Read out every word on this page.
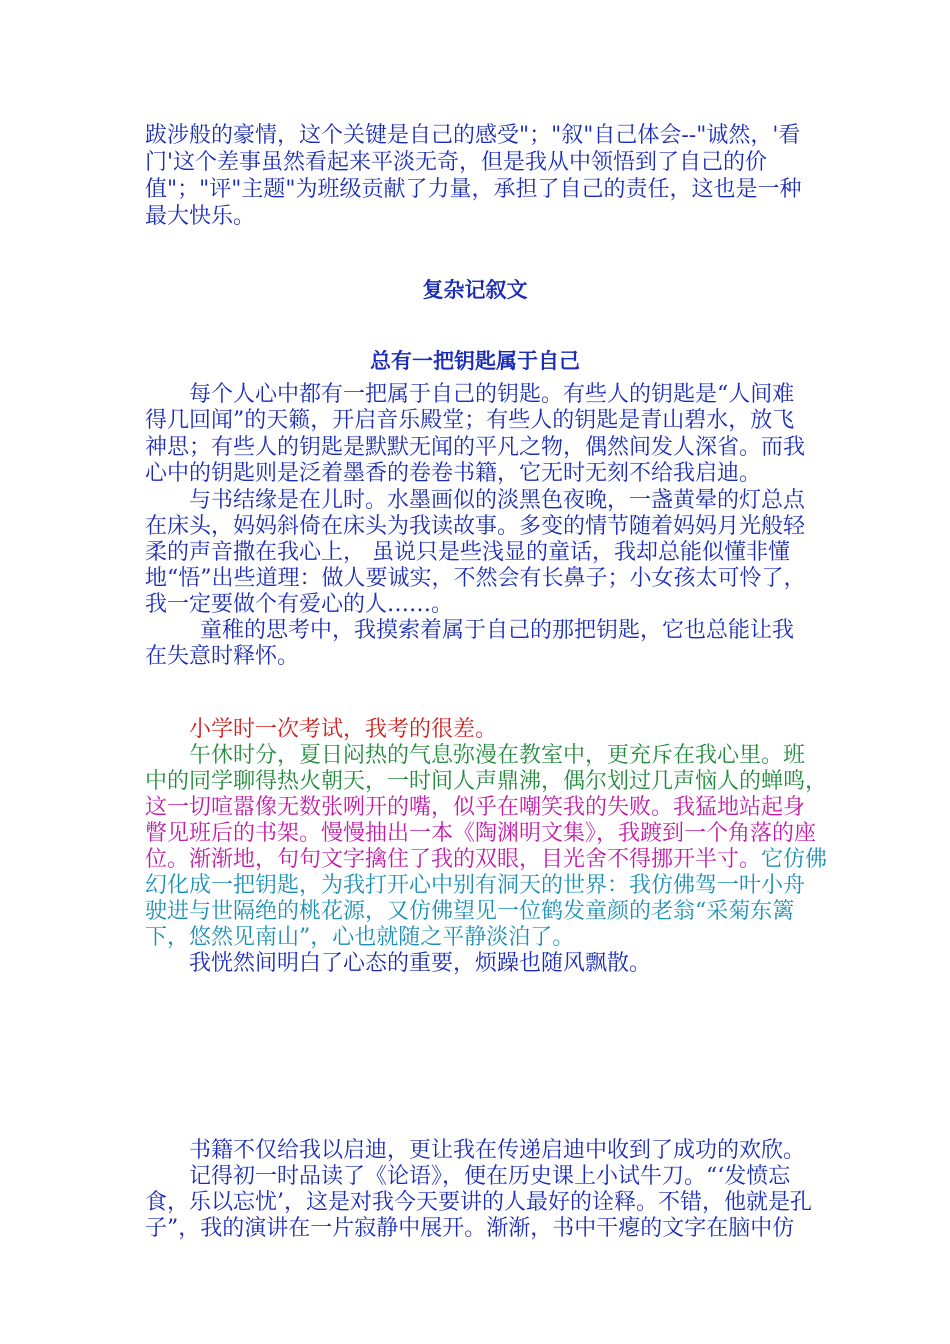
跋涉般的豪情，这个关键是自己的感受"；"叙"自己体会--"诚然，'看
门'这个差事虽然看起来平淡无奇，但是我从中领悟到了自己的价
值"；"评"主题"为班级贡献了力量，承担了自己的责任，这也是一种
最大快乐。
复杂记叙文
总有一把钥匙属于自己
每个人心中都有一把属于自己的钥匙。有些人的钥匙是“人间难
得几回闻”的天籁，开启音乐殿堂；有些人的钥匙是青山碧水，放飞
神思；有些人的钥匙是默默无闻的平凡之物，偶然间发人深省。而我
心中的钥匙则是泛着墨香的卷卷书籍，它无时无刻不给我启迪。
与书结缘是在儿时。水墨画似的淡黑色夜晚，一盏黄晕的灯总点
在床头，妈妈斜倚在床头为我读故事。多变的情节随着妈妈月光般轻
柔的声音撒在我心上， 虽说只是些浅显的童话，我却总能似懂非懂
地“悟”出些道理：做人要诚实，不然会有长鼻子；小女孩太可怜了，
我一定要做个有爱心的人……。
童稚的思考中，我摸索着属于自己的那把钥匙，它也总能让我
在失意时释怀。
小学时一次考试，我考的很差。
午休时分，夏日闷热的气息弥漫在教室中，更充斥在我心里。班
中的同学聊得热火朝天，一时间人声鼎沸，偶尔划过几声恼人的蝉鸣，
这一切喧嚣像无数张咧开的嘴，似乎在嘲笑我的失败。我猛地站起身
瞥见班后的书架。慢慢抽出一本《陶渊明文集》，我踱到一个角落的座
位。渐渐地，句句文字擒住了我的双眼，目光舍不得挪开半寸。它仿佛
幻化成一把钥匙，为我打开心中别有洞天的世界：我仿佛驾一叶小舟
驶进与世隔绝的桃花源，又仿佛望见一位鹤发童颜的老翁“采菊东篱
下，悠然见南山”，心也就随之平静淡泊了。
我恍然间明白了心态的重要，烦躁也随风飘散。
书籍不仅给我以启迪，更让我在传递启迪中收到了成功的欢欣。
记得初一时品读了《论语》，便在历史课上小试牛刀。“‘发愤忘
食，乐以忘忧’，这是对我今天要讲的人最好的诠释。不错，他就是孔
子”，我的演讲在一片寂静中展开。渐渐，书中干瘪的文字在脑中仿
